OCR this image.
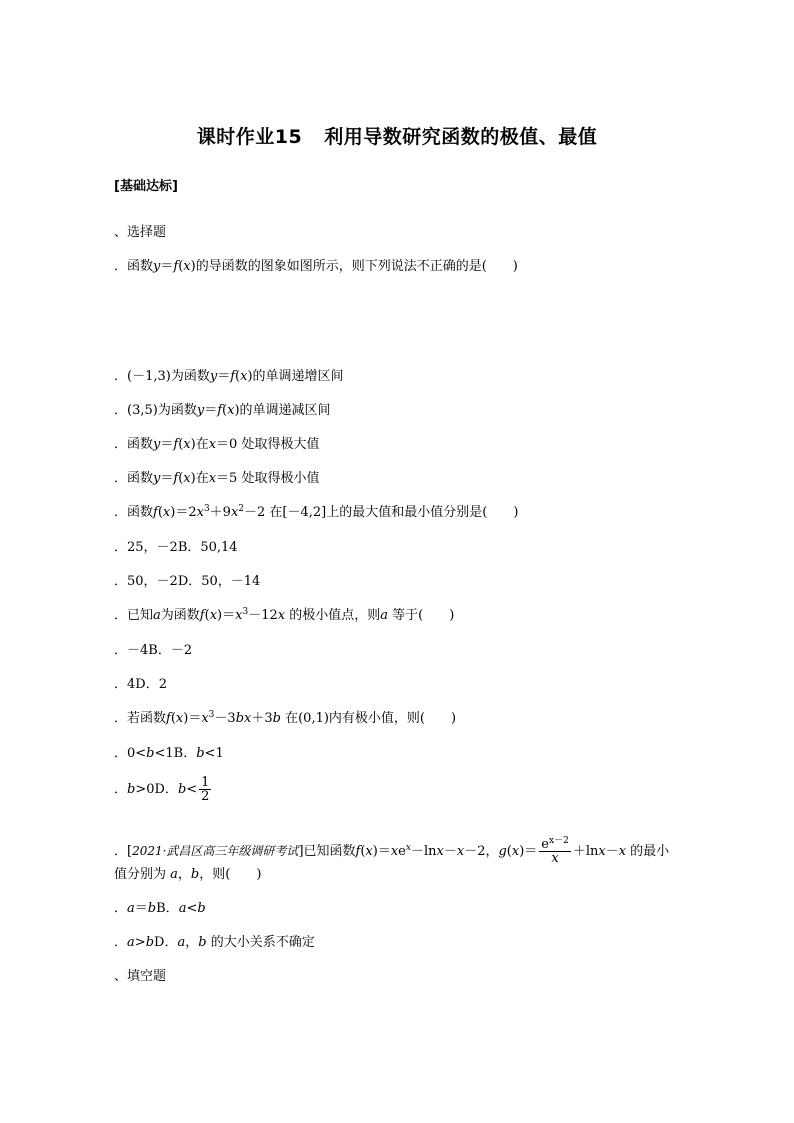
课时作业15 利用导数研究函数的极值、最值
[基础达标]
、选择题
．函数y＝f(x)的导函数的图象如图所示，则下列说法不正确的是(　　)
．(－1,3)为函数y＝f(x)的单调递增区间
．(3,5)为函数y＝f(x)的单调递减区间
．函数y＝f(x)在x＝0 处取得极大值
．函数y＝f(x)在x＝5 处取得极小值
．函数$f(x)=2x^3+9x^2-2$ 在[－4,2]上的最大值和最小值分别是(　　)
．25，－2B．50,14
．50，－2D．50，－14
．已知a为函数$f(x)=x^3-12x$ 的极小值点，则a 等于(　　)
．－4B．－2
．4D．2
．若函数$f(x)=x^3-3bx+3b$ 在(0,1)内有极小值，则(　　)
．0<b<1B．b<1
．b>0D．$b< \frac{1}{2}$
．[2021·武昌区高三年级调研考试]已知函数$f(x)=xe^x-\ln x-x-2$，$g(x)= \frac{e^{x-2}}{x} +\ln x-x$ 的最小
值分别为 a，b，则(　　)
．a＝bB．a<b
．a>bD．a，b 的大小关系不确定
、填空题
